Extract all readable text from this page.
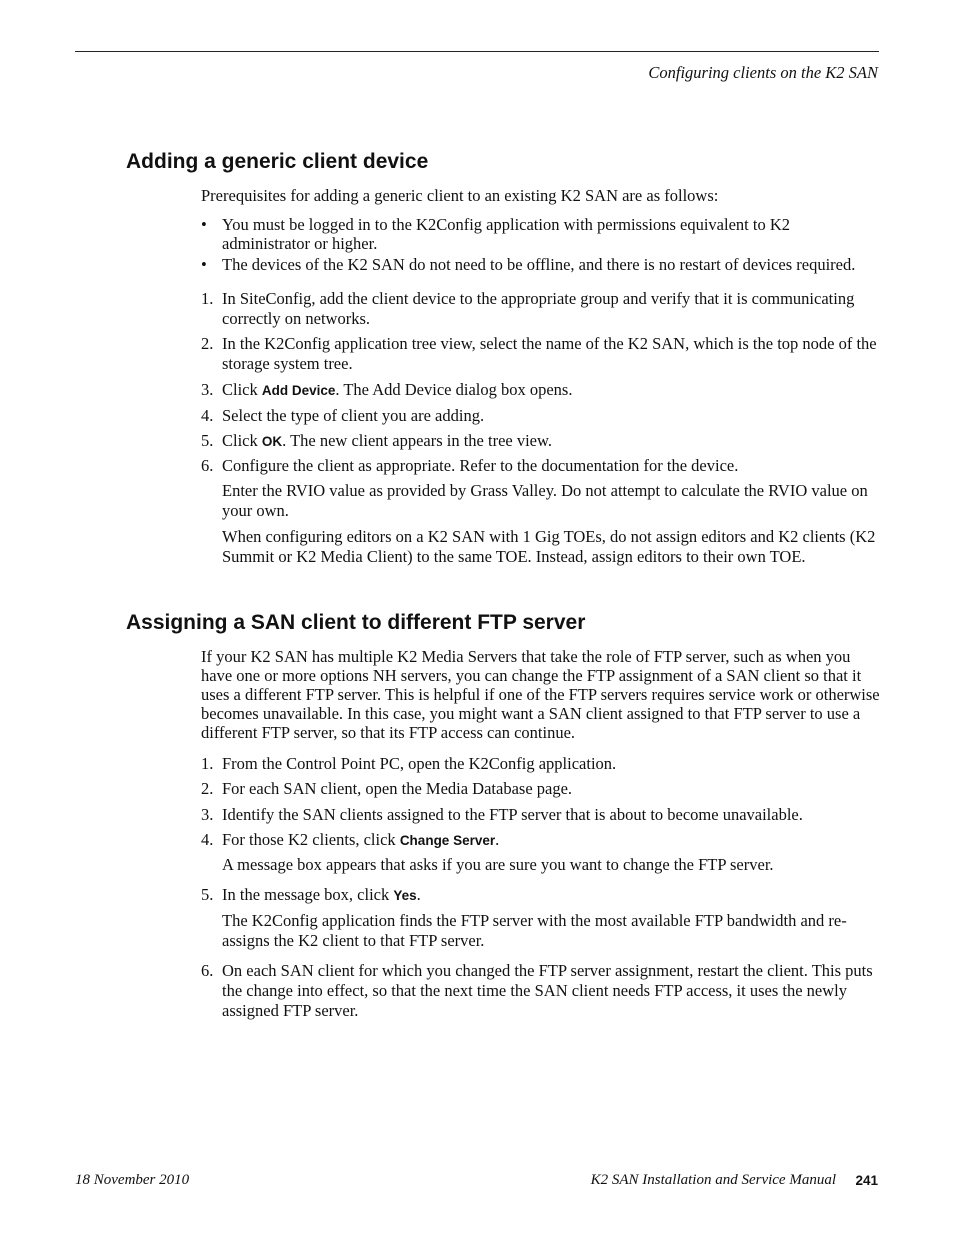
Configuring clients on the K2 SAN
Adding a generic client device

Prerequisites for adding a generic client to an existing K2 SAN are as follows:

• You must be logged in to the K2Config application with permissions equivalent to K2 administrator or higher.
• The devices of the K2 SAN do not need to be offline, and there is no restart of devices required.
1. In SiteConfig, add the client device to the appropriate group and verify that it is communicating correctly on networks.
2. In the K2Config application tree view, select the name of the K2 SAN, which is the top node of the storage system tree.
3. Click Add Device. The Add Device dialog box opens.
4. Select the type of client you are adding.
5. Click OK. The new client appears in the tree view.
6. Configure the client as appropriate. Refer to the documentation for the device.
Enter the RVIO value as provided by Grass Valley. Do not attempt to calculate the RVIO value on your own.
When configuring editors on a K2 SAN with 1 Gig TOEs, do not assign editors and K2 clients (K2 Summit or K2 Media Client) to the same TOE. Instead, assign editors to their own TOE.
Assigning a SAN client to different FTP server

If your K2 SAN has multiple K2 Media Servers that take the role of FTP server, such as when you have one or more options NH servers, you can change the FTP assignment of a SAN client so that it uses a different FTP server. This is helpful if one of the FTP servers requires service work or otherwise becomes unavailable. In this case, you might want a SAN client assigned to that FTP server to use a different FTP server, so that its FTP access can continue.

1. From the Control Point PC, open the K2Config application.
2. For each SAN client, open the Media Database page.
3. Identify the SAN clients assigned to the FTP server that is about to become unavailable.
4. For those K2 clients, click Change Server.
A message box appears that asks if you are sure you want to change the FTP server.
5. In the message box, click Yes.
The K2Config application finds the FTP server with the most available FTP bandwidth and re-assigns the K2 client to that FTP server.
6. On each SAN client for which you changed the FTP server assignment, restart the client. This puts the change into effect, so that the next time the SAN client needs FTP access, it uses the newly assigned FTP server.
18 November 2010	K2 SAN Installation and Service Manual 241
